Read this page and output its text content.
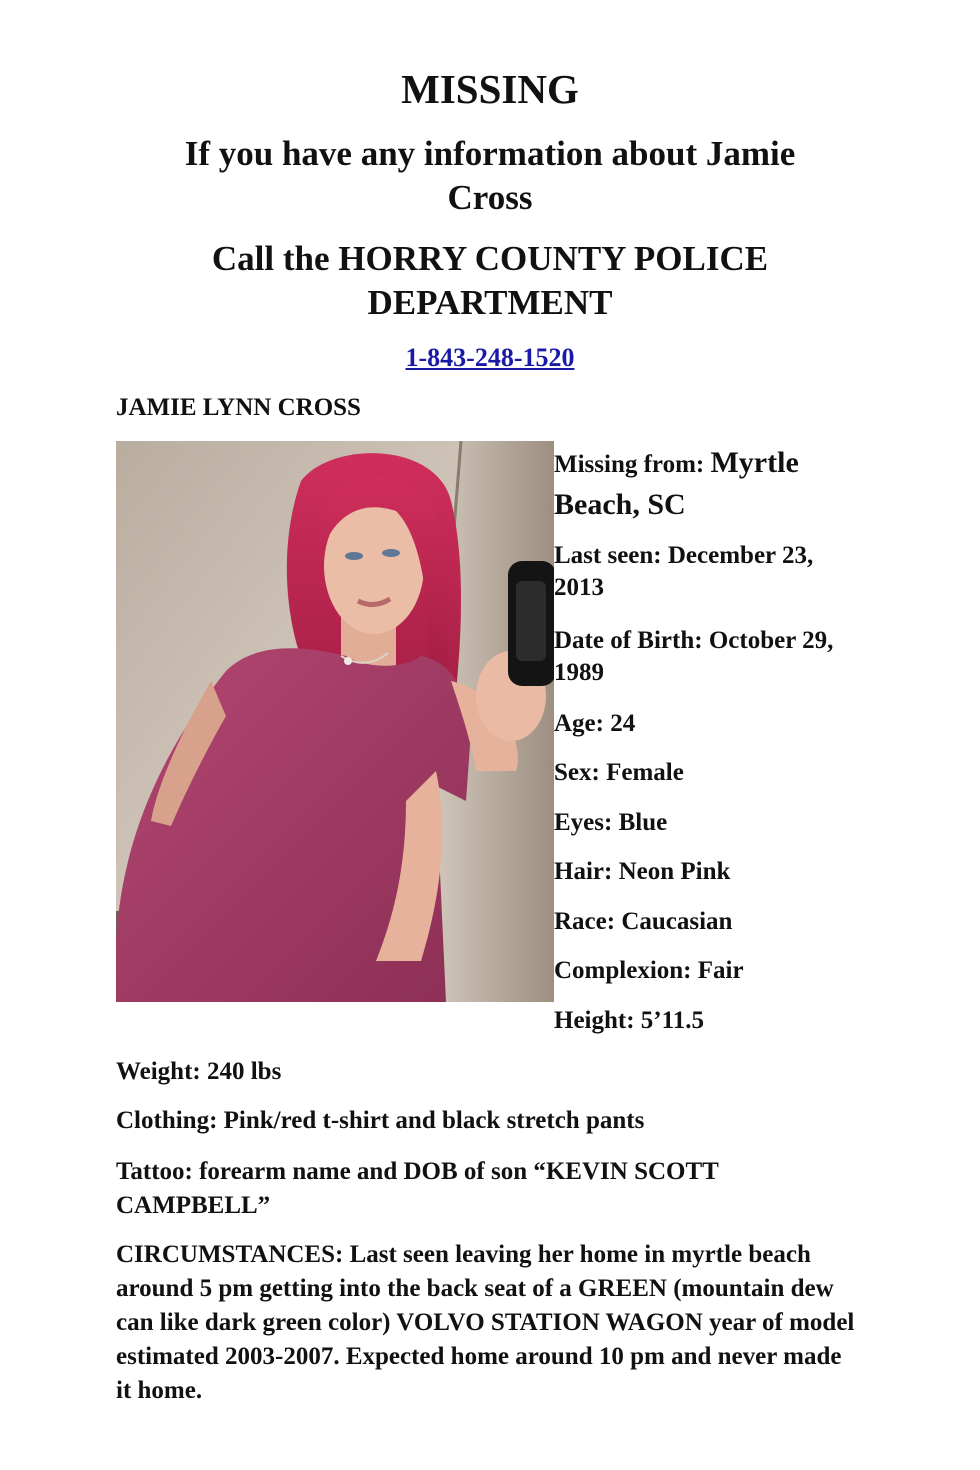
MISSING
If you have any information about Jamie Cross
Call the HORRY COUNTY POLICE DEPARTMENT
1-843-248-1520
JAMIE LYNN CROSS
Missing from: Myrtle Beach, SC
Last seen: December 23, 2013
Date of Birth: October 29, 1989
Age: 24
Sex: Female
Eyes: Blue
Hair: Neon Pink
Race: Caucasian
Complexion: Fair
Height: 5’11.5

Weight: 240 lbs

Clothing: Pink/red t-shirt and black stretch pants

Tattoo: forearm name and DOB of son “KEVIN SCOTT CAMPBELL”

CIRCUMSTANCES: Last seen leaving her home in myrtle beach around 5 pm getting into the back seat of a GREEN (mountain dew can like dark green color) VOLVO STATION WAGON year of model estimated 2003-2007. Expected home around 10 pm and never made it home.
